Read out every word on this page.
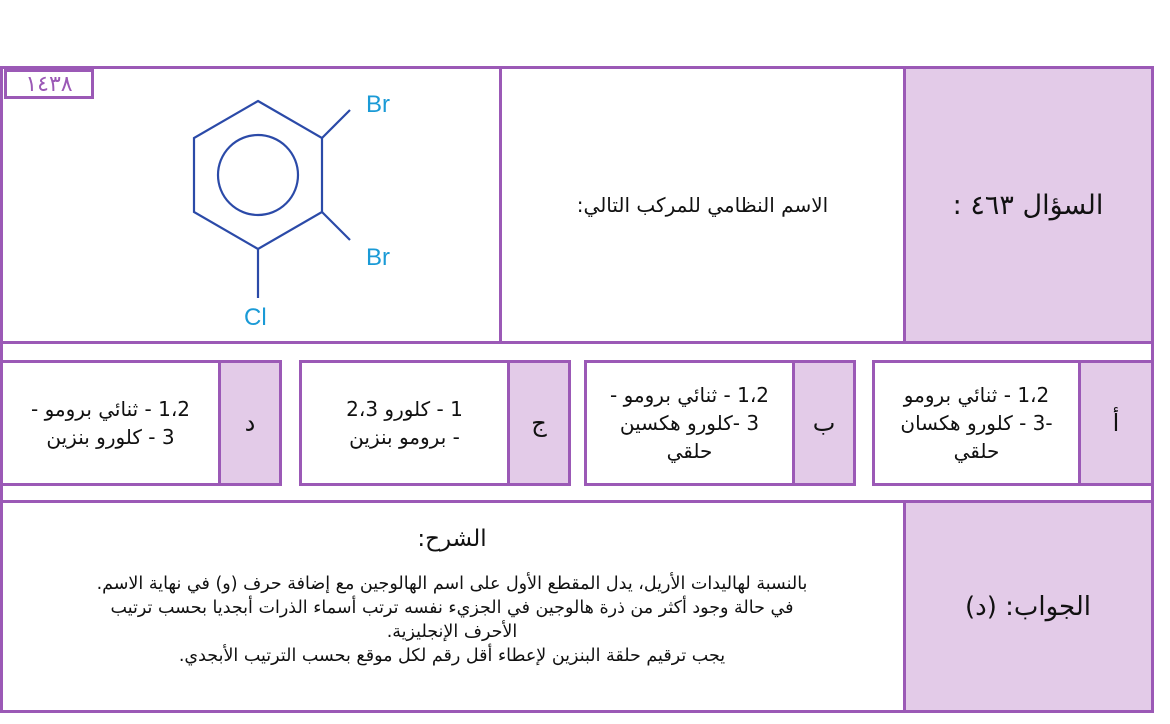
١٤٣٨
Br
Br
Cl
الاسم النظامي للمركب التالي:	السؤال ٤٦٣ :
أ
1،2 - ثنائي برومو
-3 - كلورو هكسان
حلقي
ب
1،2 - ثنائي برومو -
3 -كلورو هكسين
حلقي
ج
1 - كلورو 2،3
- برومو بنزين
د
1،2 - ثنائي برومو -
3 - كلورو بنزين
الجواب: (د)
الشرح:
بالنسبة لهاليدات الأريل، يدل المقطع الأول على اسم الهالوجين مع إضافة حرف (و) في نهاية الاسم.
في حالة وجود أكثر من ذرة هالوجين في الجزيء نفسه ترتب أسماء الذرات أبجديا بحسب ترتيب
الأحرف الإنجليزية.
يجب ترقيم حلقة البنزين لإعطاء أقل رقم لكل موقع بحسب الترتيب الأبجدي.
